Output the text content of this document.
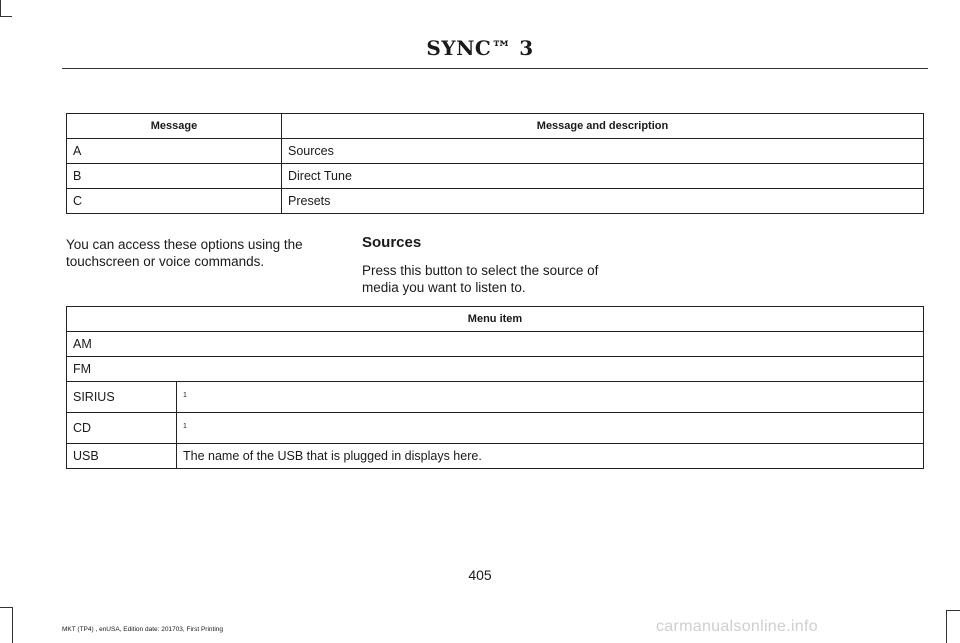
SYNC™ 3
Message	Message and description
A	Sources
B	Direct Tune
C	Presets
You can access these options using the touchscreen or voice commands.
Sources
Press this button to select the source of media you want to listen to.
Menu item	
AM	
FM	
SIRIUS	$^1$
CD	$^1$
USB	The name of the USB that is plugged in displays here.
405
MKT (TP4) , enUSA, Edition date: 201703, First Printing	carmanualsonline.info
